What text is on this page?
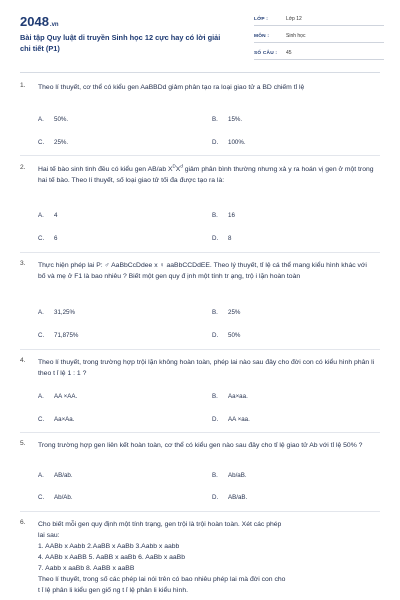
2048.vn
Bài tập Quy luật di truyền Sinh học 12 cực hay có lời giải chi tiết (P1)
LỚP :	Lớp 12
MÔN :	Sinh học
SỐ CÂU :	45
1. Theo lí thuyết, cơ thể có kiểu gen AaBBDd giảm phân tạo ra loại giao tử a BD chiếm tỉ lệ
A. 50%.	B. 15%.
C. 25%.	D. 100%.
2. Hai tế bào sinh tinh đều có kiểu gen AB/ab $X^DX^d$ giảm phân bình thường nhưng xả y ra hoán vị gen ở một trong hai tế bào. Theo lí thuyết, số loại giao tử tối đa được tạo ra là:
A. 4	B. 16
C. 6	D. 8
3. Thực hiện phép lai P: ♂ AaBbCcDdee x ♀ aaBbCCDdEE. Theo lý thuyết, tỉ lệ cá thể mang kiểu hình khác với bố và mẹ ở F1 là bao nhiêu ? Biết một gen quy đ ịnh một tính tr ạng, trộ i lặn hoàn toàn
A. 31,25%	B. 25%
C. 71,875%	D. 50%
4. Theo lí thuyết, trong trường hợp trội lặn không hoàn toàn, phép lai nào sau đây cho đời con có kiểu hình phân li theo t ỉ lệ 1 : 1 ?
A. AA ×AA.	B. Aa×aa.
C. Aa×Aa.	D. AA ×aa.
5. Trong trường hợp gen liên kết hoàn toàn, cơ thể có kiểu gen nào sau đây cho tỉ lệ giao tử Ab với tỉ lệ 50% ?
A. AB/ab.	B. Ab/aB.
C. Ab/Ab.	D. AB/aB.
6. Cho biết mỗi gen quy định một tính trạng, gen trội là trội hoàn toàn. Xét các phép
lai sau:
1. AABb x Aabb 2.AaBB x AaBb 3.Aabb x aabb
4. AABb x AaBB 5. AaBB x aaBb 6. AaBb x aaBb
7. Aabb x aaBb 8. AaBB x aaBB
Theo lí thuyết, trong số các phép lai nói trên có bao nhiêu phép lai mà đời con cho
t ỉ lệ phân li kiểu gen giố ng t ỉ lệ phân li kiểu hình.
